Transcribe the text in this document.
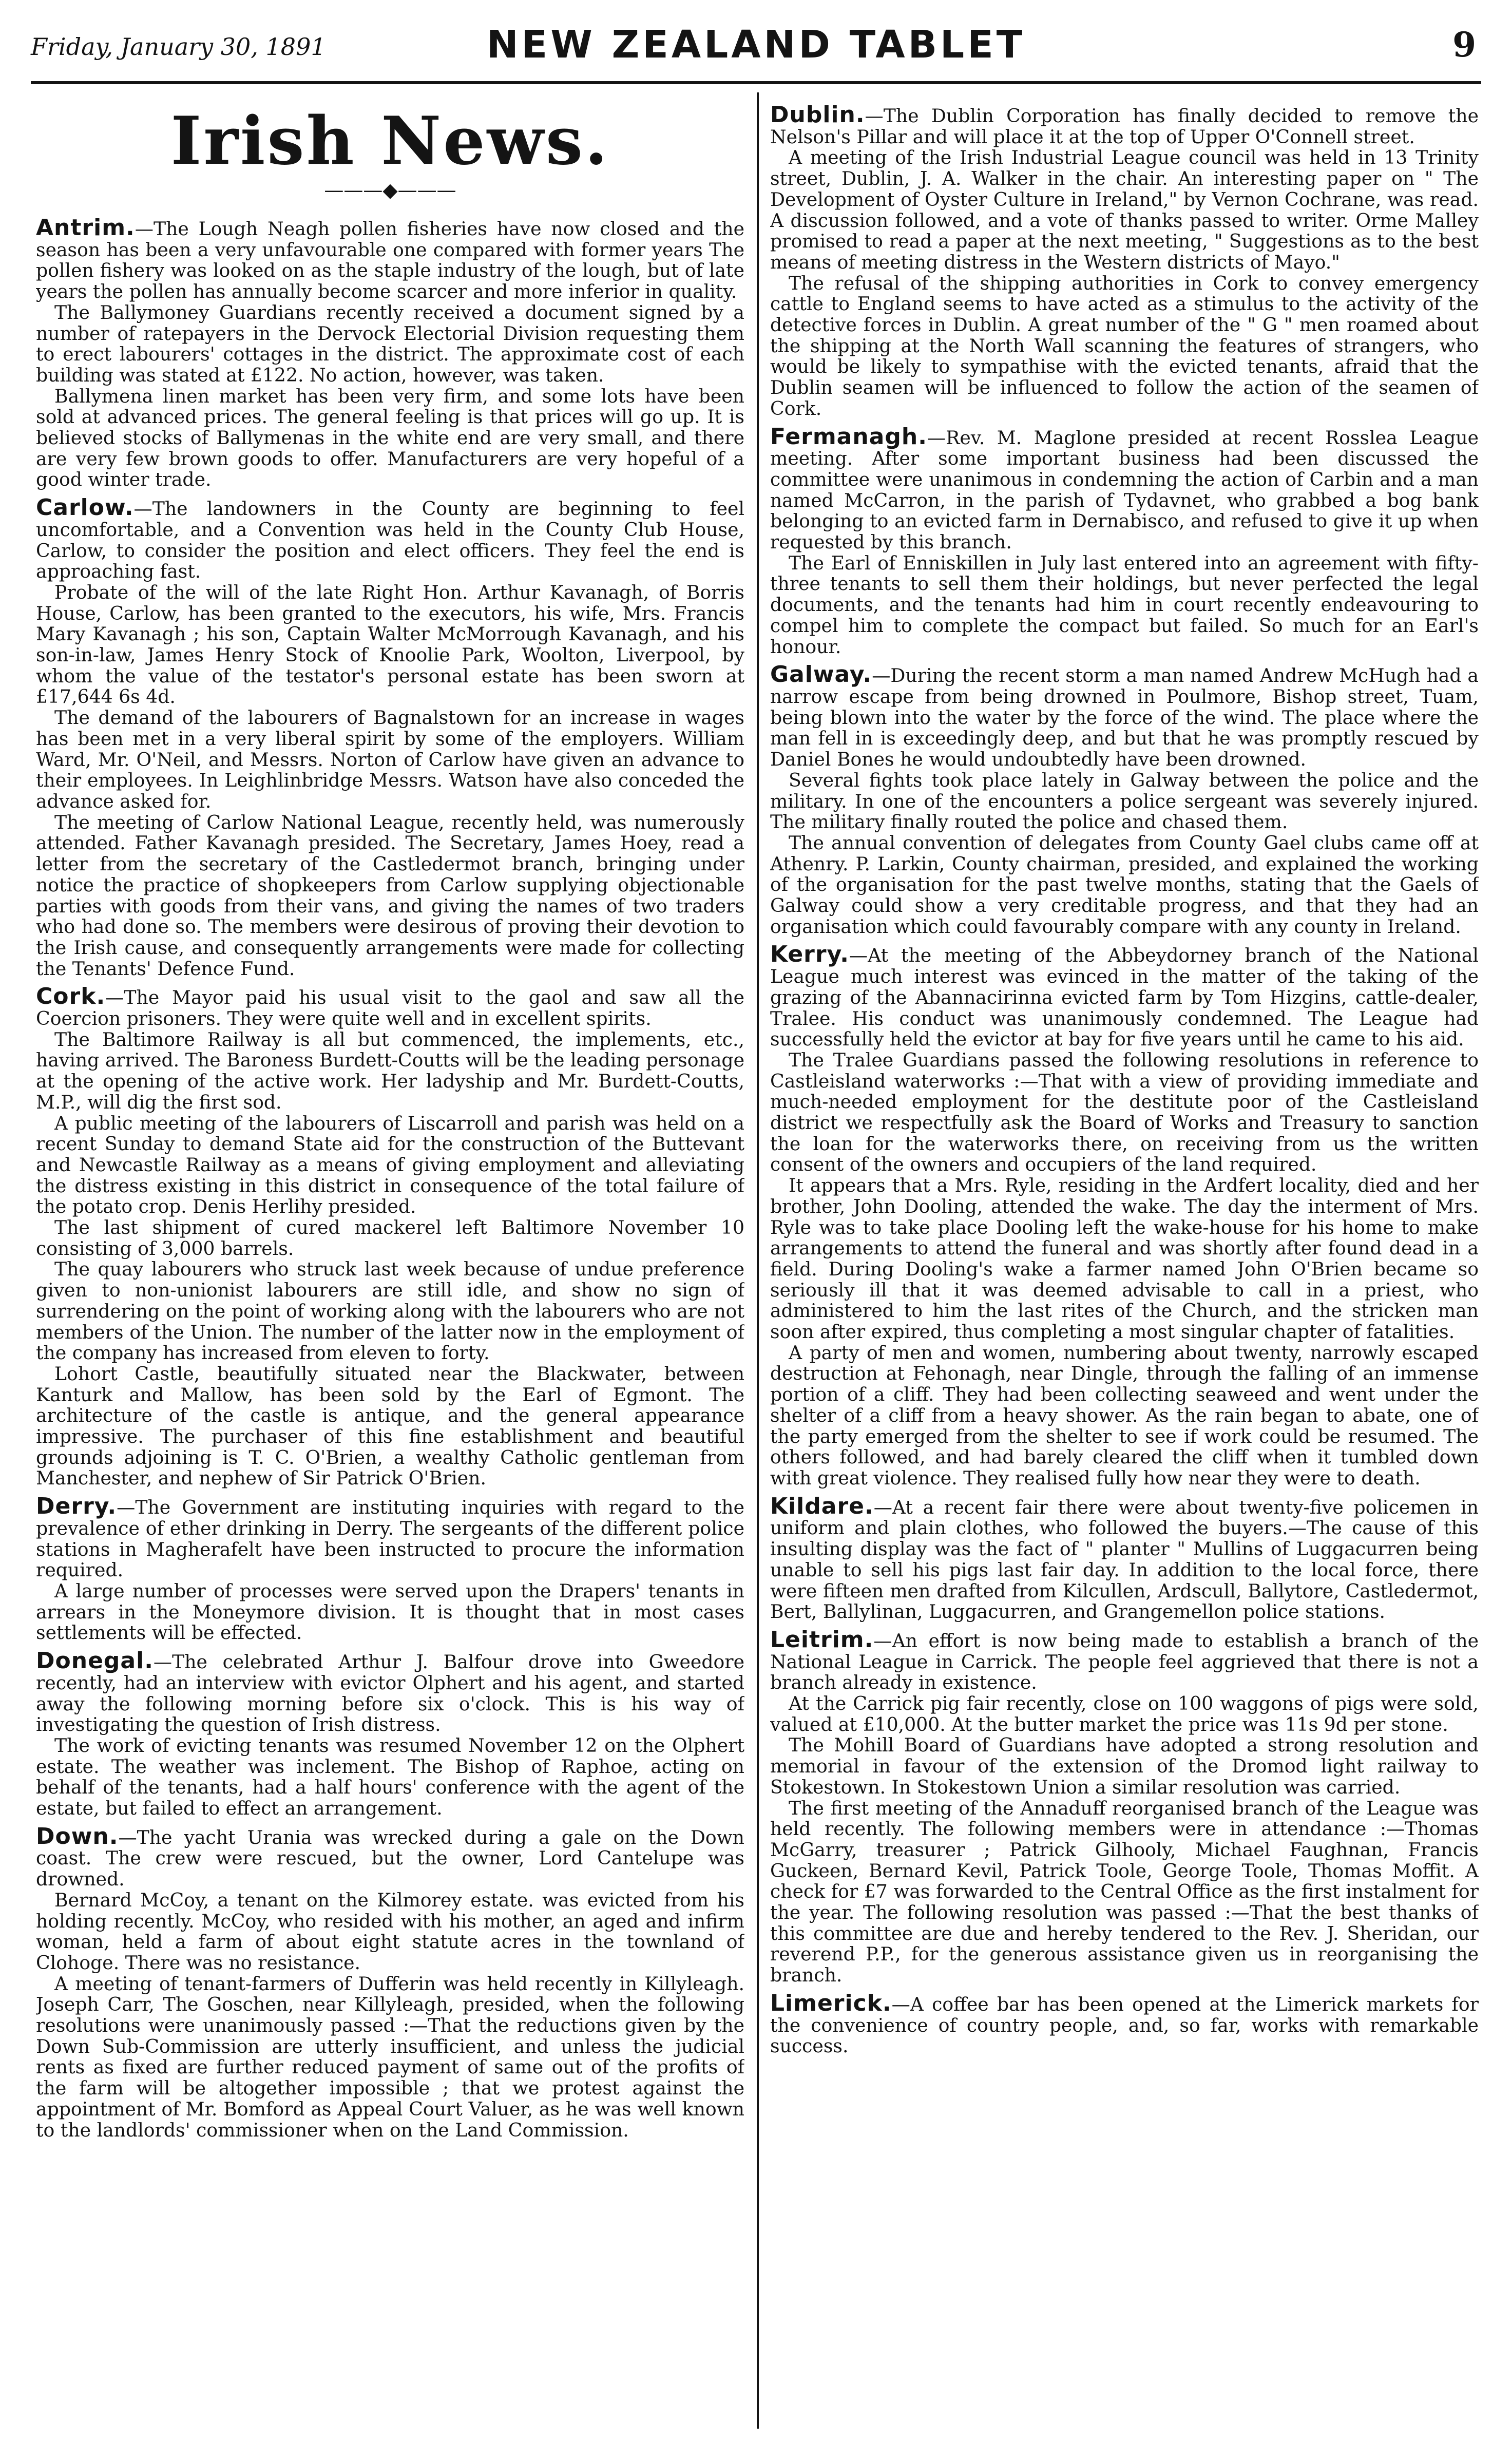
Friday, January 30, 1891	NEW ZEALAND TABLET	9
Irish News.
———◆———

Antrim.—The Lough Neagh pollen fisheries have now closed and the season has been a very unfavourable one compared with former years The pollen fishery was looked on as the staple industry of the lough, but of late years the pollen has annually become scarcer and more inferior in quality.

The Ballymoney Guardians recently received a document signed by a number of ratepayers in the Dervock Electorial Division requesting them to erect labourers' cottages in the district. The approximate cost of each building was stated at £122. No action, however, was taken.

Ballymena linen market has been very firm, and some lots have been sold at advanced prices. The general feeling is that prices will go up. It is believed stocks of Ballymenas in the white end are very small, and there are very few brown goods to offer. Manufacturers are very hopeful of a good winter trade.

Carlow.—The landowners in the County are beginning to feel uncomfortable, and a Convention was held in the County Club House, Carlow, to consider the position and elect officers. They feel the end is approaching fast.

Probate of the will of the late Right Hon. Arthur Kavanagh, of Borris House, Carlow, has been granted to the executors, his wife, Mrs. Francis Mary Kavanagh ; his son, Captain Walter McMorrough Kavanagh, and his son-in-law, James Henry Stock of Knoolie Park, Woolton, Liverpool, by whom the value of the testator's personal estate has been sworn at £17,644 6s 4d.

The demand of the labourers of Bagnalstown for an increase in wages has been met in a very liberal spirit by some of the employers. William Ward, Mr. O'Neil, and Messrs. Norton of Carlow have given an advance to their employees. In Leighlinbridge Messrs. Watson have also conceded the advance asked for.

The meeting of Carlow National League, recently held, was numerously attended. Father Kavanagh presided. The Secretary, James Hoey, read a letter from the secretary of the Castledermot branch, bringing under notice the practice of shopkeepers from Carlow supplying objectionable parties with goods from their vans, and giving the names of two traders who had done so. The members were desirous of proving their devotion to the Irish cause, and consequently arrangements were made for collecting the Tenants' Defence Fund.

Cork.—The Mayor paid his usual visit to the gaol and saw all the Coercion prisoners. They were quite well and in excellent spirits.

The Baltimore Railway is all but commenced, the implements, etc., having arrived. The Baroness Burdett-Coutts will be the leading personage at the opening of the active work. Her ladyship and Mr. Burdett-Coutts, M.P., will dig the first sod.

A public meeting of the labourers of Liscarroll and parish was held on a recent Sunday to demand State aid for the construction of the Buttevant and Newcastle Railway as a means of giving employment and alleviating the distress existing in this district in consequence of the total failure of the potato crop. Denis Herlihy presided.

The last shipment of cured mackerel left Baltimore November 10 consisting of 3,000 barrels.

The quay labourers who struck last week because of undue preference given to non-unionist labourers are still idle, and show no sign of surrendering on the point of working along with the labourers who are not members of the Union. The number of the latter now in the employment of the company has increased from eleven to forty.

Lohort Castle, beautifully situated near the Blackwater, between Kanturk and Mallow, has been sold by the Earl of Egmont. The architecture of the castle is antique, and the general appearance impressive. The purchaser of this fine establishment and beautiful grounds adjoining is T. C. O'Brien, a wealthy Catholic gentleman from Manchester, and nephew of Sir Patrick O'Brien.

Derry.—The Government are instituting inquiries with regard to the prevalence of ether drinking in Derry. The sergeants of the different police stations in Magherafelt have been instructed to procure the information required.

A large number of processes were served upon the Drapers' tenants in arrears in the Moneymore division. It is thought that in most cases settlements will be effected.

Donegal.—The celebrated Arthur J. Balfour drove into Gweedore recently, had an interview with evictor Olphert and his agent, and started away the following morning before six o'clock. This is his way of investigating the question of Irish distress.

The work of evicting tenants was resumed November 12 on the Olphert estate. The weather was inclement. The Bishop of Raphoe, acting on behalf of the tenants, had a half hours' conference with the agent of the estate, but failed to effect an arrangement.

Down.—The yacht Urania was wrecked during a gale on the Down coast. The crew were rescued, but the owner, Lord Cantelupe was drowned.

Bernard McCoy, a tenant on the Kilmorey estate. was evicted from his holding recently. McCoy, who resided with his mother, an aged and infirm woman, held a farm of about eight statute acres in the townland of Clohoge. There was no resistance.

A meeting of tenant-farmers of Dufferin was held recently in Killyleagh. Joseph Carr, The Goschen, near Killyleagh, presided, when the following resolutions were unanimously passed :—That the reductions given by the Down Sub-Commission are utterly insufficient, and unless the judicial rents as fixed are further reduced payment of same out of the profits of the farm will be altogether impossible ; that we protest against the appointment of Mr. Bomford as Appeal Court Valuer, as he was well known to the landlords' commissioner when on the Land Commission.

Dublin.—The Dublin Corporation has finally decided to remove the Nelson's Pillar and will place it at the top of Upper O'Connell street.

A meeting of the Irish Industrial League council was held in 13 Trinity street, Dublin, J. A. Walker in the chair. An interesting paper on " The Development of Oyster Culture in Ireland," by Vernon Cochrane, was read. A discussion followed, and a vote of thanks passed to writer. Orme Malley promised to read a paper at the next meeting, " Suggestions as to the best means of meeting distress in the Western districts of Mayo."

The refusal of the shipping authorities in Cork to convey emergency cattle to England seems to have acted as a stimulus to the activity of the detective forces in Dublin. A great number of the " G " men roamed about the shipping at the North Wall scanning the features of strangers, who would be likely to sympathise with the evicted tenants, afraid that the Dublin seamen will be influenced to follow the action of the seamen of Cork.

Fermanagh.—Rev. M. Maglone presided at recent Rosslea League meeting. After some important business had been discussed the committee were unanimous in condemning the action of Carbin and a man named McCarron, in the parish of Tydavnet, who grabbed a bog bank belonging to an evicted farm in Dernabisco, and refused to give it up when requested by this branch.

The Earl of Enniskillen in July last entered into an agreement with fifty-three tenants to sell them their holdings, but never perfected the legal documents, and the tenants had him in court recently endeavouring to compel him to complete the compact but failed. So much for an Earl's honour.

Galway.—During the recent storm a man named Andrew McHugh had a narrow escape from being drowned in Poulmore, Bishop street, Tuam, being blown into the water by the force of the wind. The place where the man fell in is exceedingly deep, and but that he was promptly rescued by Daniel Bones he would undoubtedly have been drowned.

Several fights took place lately in Galway between the police and the military. In one of the encounters a police sergeant was severely injured. The military finally routed the police and chased them.

The annual convention of delegates from County Gael clubs came off at Athenry. P. Larkin, County chairman, presided, and explained the working of the organisation for the past twelve months, stating that the Gaels of Galway could show a very creditable progress, and that they had an organisation which could favourably compare with any county in Ireland.

Kerry.—At the meeting of the Abbeydorney branch of the National League much interest was evinced in the matter of the taking of the grazing of the Abannacirinna evicted farm by Tom Hizgins, cattle-dealer, Tralee. His conduct was unanimously condemned. The League had successfully held the evictor at bay for five years until he came to his aid.

The Tralee Guardians passed the following resolutions in reference to Castleisland waterworks :—That with a view of providing immediate and much-needed employment for the destitute poor of the Castleisland district we respectfully ask the Board of Works and Treasury to sanction the loan for the waterworks there, on receiving from us the written consent of the owners and occupiers of the land required.

It appears that a Mrs. Ryle, residing in the Ardfert locality, died and her brother, John Dooling, attended the wake. The day the interment of Mrs. Ryle was to take place Dooling left the wake-house for his home to make arrangements to attend the funeral and was shortly after found dead in a field. During Dooling's wake a farmer named John O'Brien became so seriously ill that it was deemed advisable to call in a priest, who administered to him the last rites of the Church, and the stricken man soon after expired, thus completing a most singular chapter of fatalities.

A party of men and women, numbering about twenty, narrowly escaped destruction at Fehonagh, near Dingle, through the falling of an immense portion of a cliff. They had been collecting seaweed and went under the shelter of a cliff from a heavy shower. As the rain began to abate, one of the party emerged from the shelter to see if work could be resumed. The others followed, and had barely cleared the cliff when it tumbled down with great violence. They realised fully how near they were to death.

Kildare.—At a recent fair there were about twenty-five policemen in uniform and plain clothes, who followed the buyers.—The cause of this insulting display was the fact of " planter " Mullins of Luggacurren being unable to sell his pigs last fair day. In addition to the local force, there were fifteen men drafted from Kilcullen, Ardscull, Ballytore, Castledermot, Bert, Ballylinan, Luggacurren, and Grangemellon police stations.

Leitrim.—An effort is now being made to establish a branch of the National League in Carrick. The people feel aggrieved that there is not a branch already in existence.

At the Carrick pig fair recently, close on 100 waggons of pigs were sold, valued at £10,000. At the butter market the price was 11s 9d per stone.

The Mohill Board of Guardians have adopted a strong resolution and memorial in favour of the extension of the Dromod light railway to Stokestown. In Stokestown Union a similar resolution was carried.

The first meeting of the Annaduff reorganised branch of the League was held recently. The following members were in attendance :—Thomas McGarry, treasurer ; Patrick Gilhooly, Michael Faughnan, Francis Guckeen, Bernard Kevil, Patrick Toole, George Toole, Thomas Moffit. A check for £7 was forwarded to the Central Office as the first instalment for the year. The following resolution was passed :—That the best thanks of this committee are due and hereby tendered to the Rev. J. Sheridan, our reverend P.P., for the generous assistance given us in reorganising the branch.

Limerick.—A coffee bar has been opened at the Limerick markets for the convenience of country people, and, so far, works with remarkable success.
